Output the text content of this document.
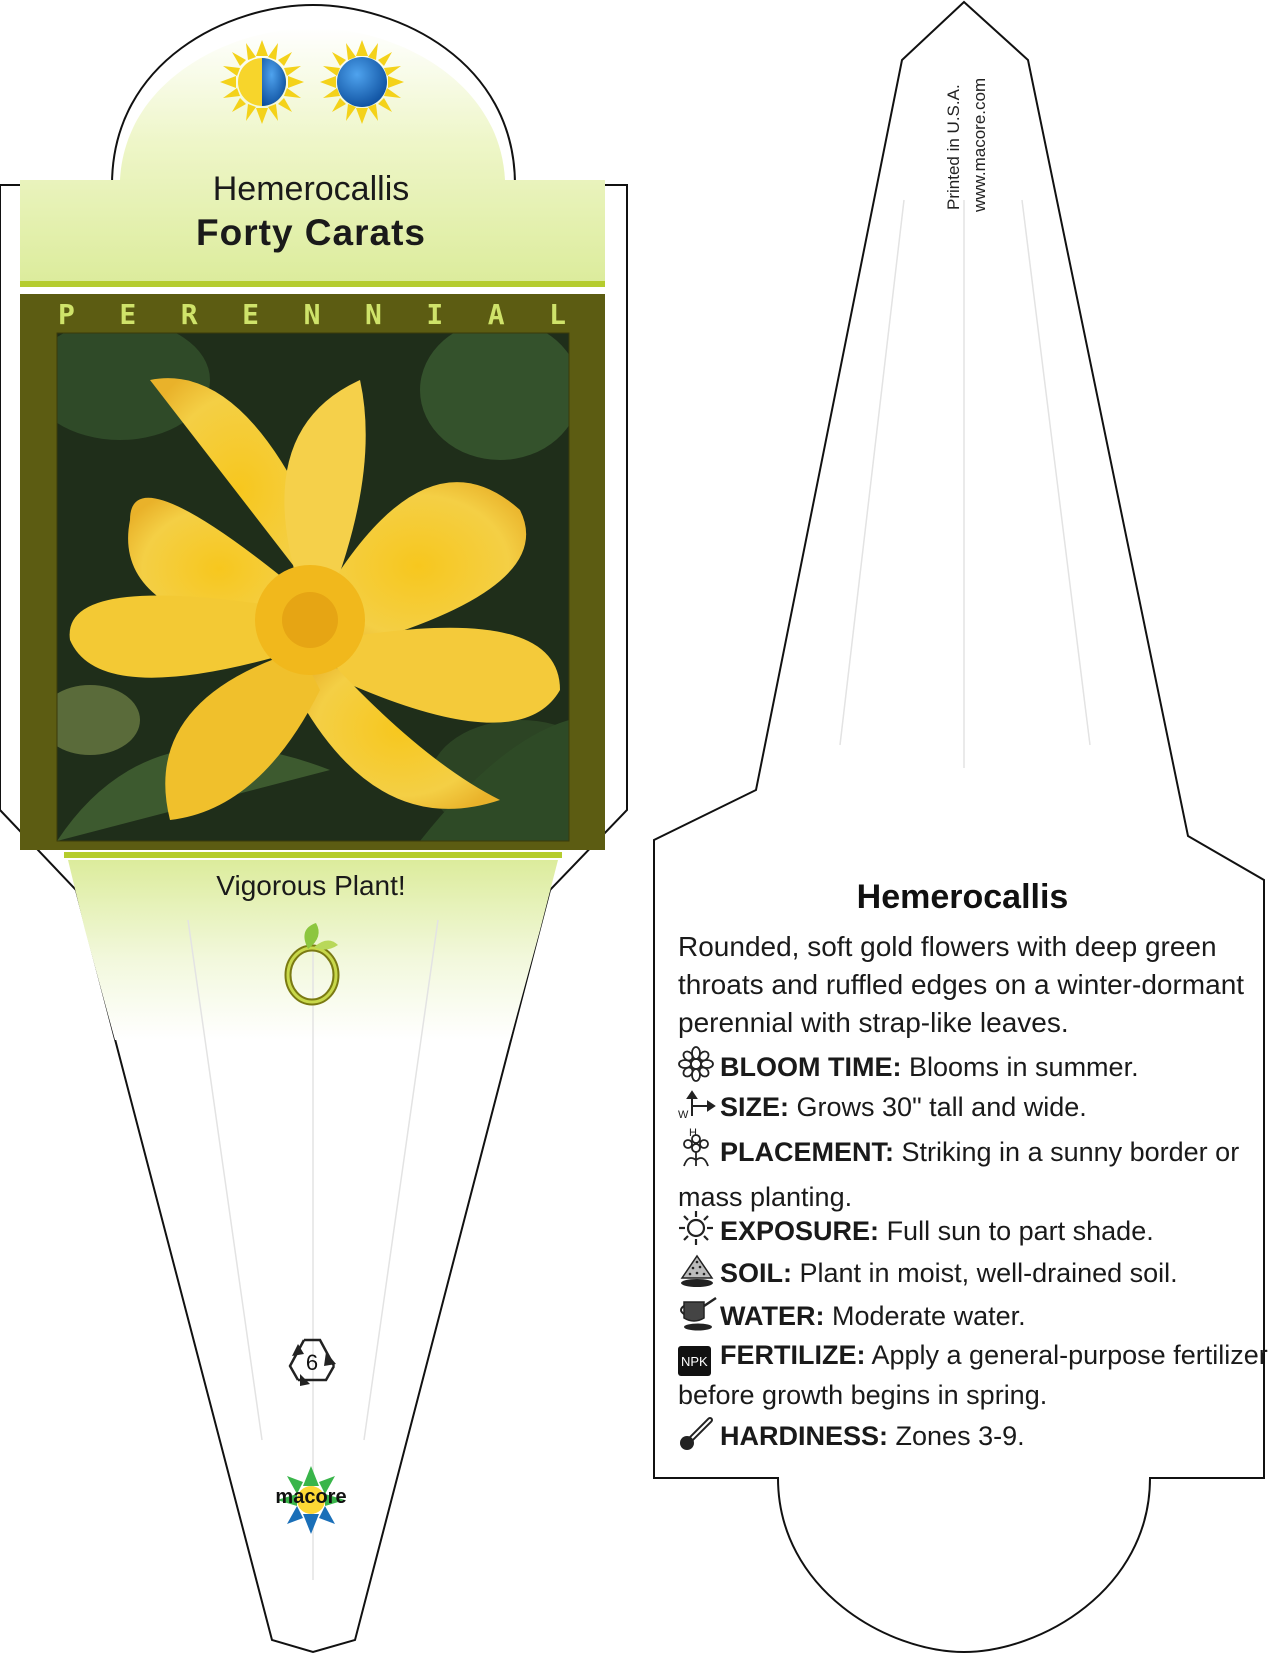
Hemerocallis

Forty Carats

P E R E N N I A L

Vigorous Plant!

6
macore
Printed in U.S.A. www.macore.com

Hemerocallis

Rounded, soft gold flowers with deep green throats and ruffled edges on a winter-dormant perennial with strap-like leaves.

BLOOM TIME: Blooms in summer.
W
H
SIZE: Grows 30" tall and wide.
PLACEMENT: Striking in a sunny border or mass planting.
EXPOSURE: Full sun to part shade.
SOIL: Plant in moist, well-drained soil.
WATER: Moderate water.
NPK FERTILIZE: Apply a general-purpose fertilizer before growth begins in spring.
HARDINESS: Zones 3-9.
